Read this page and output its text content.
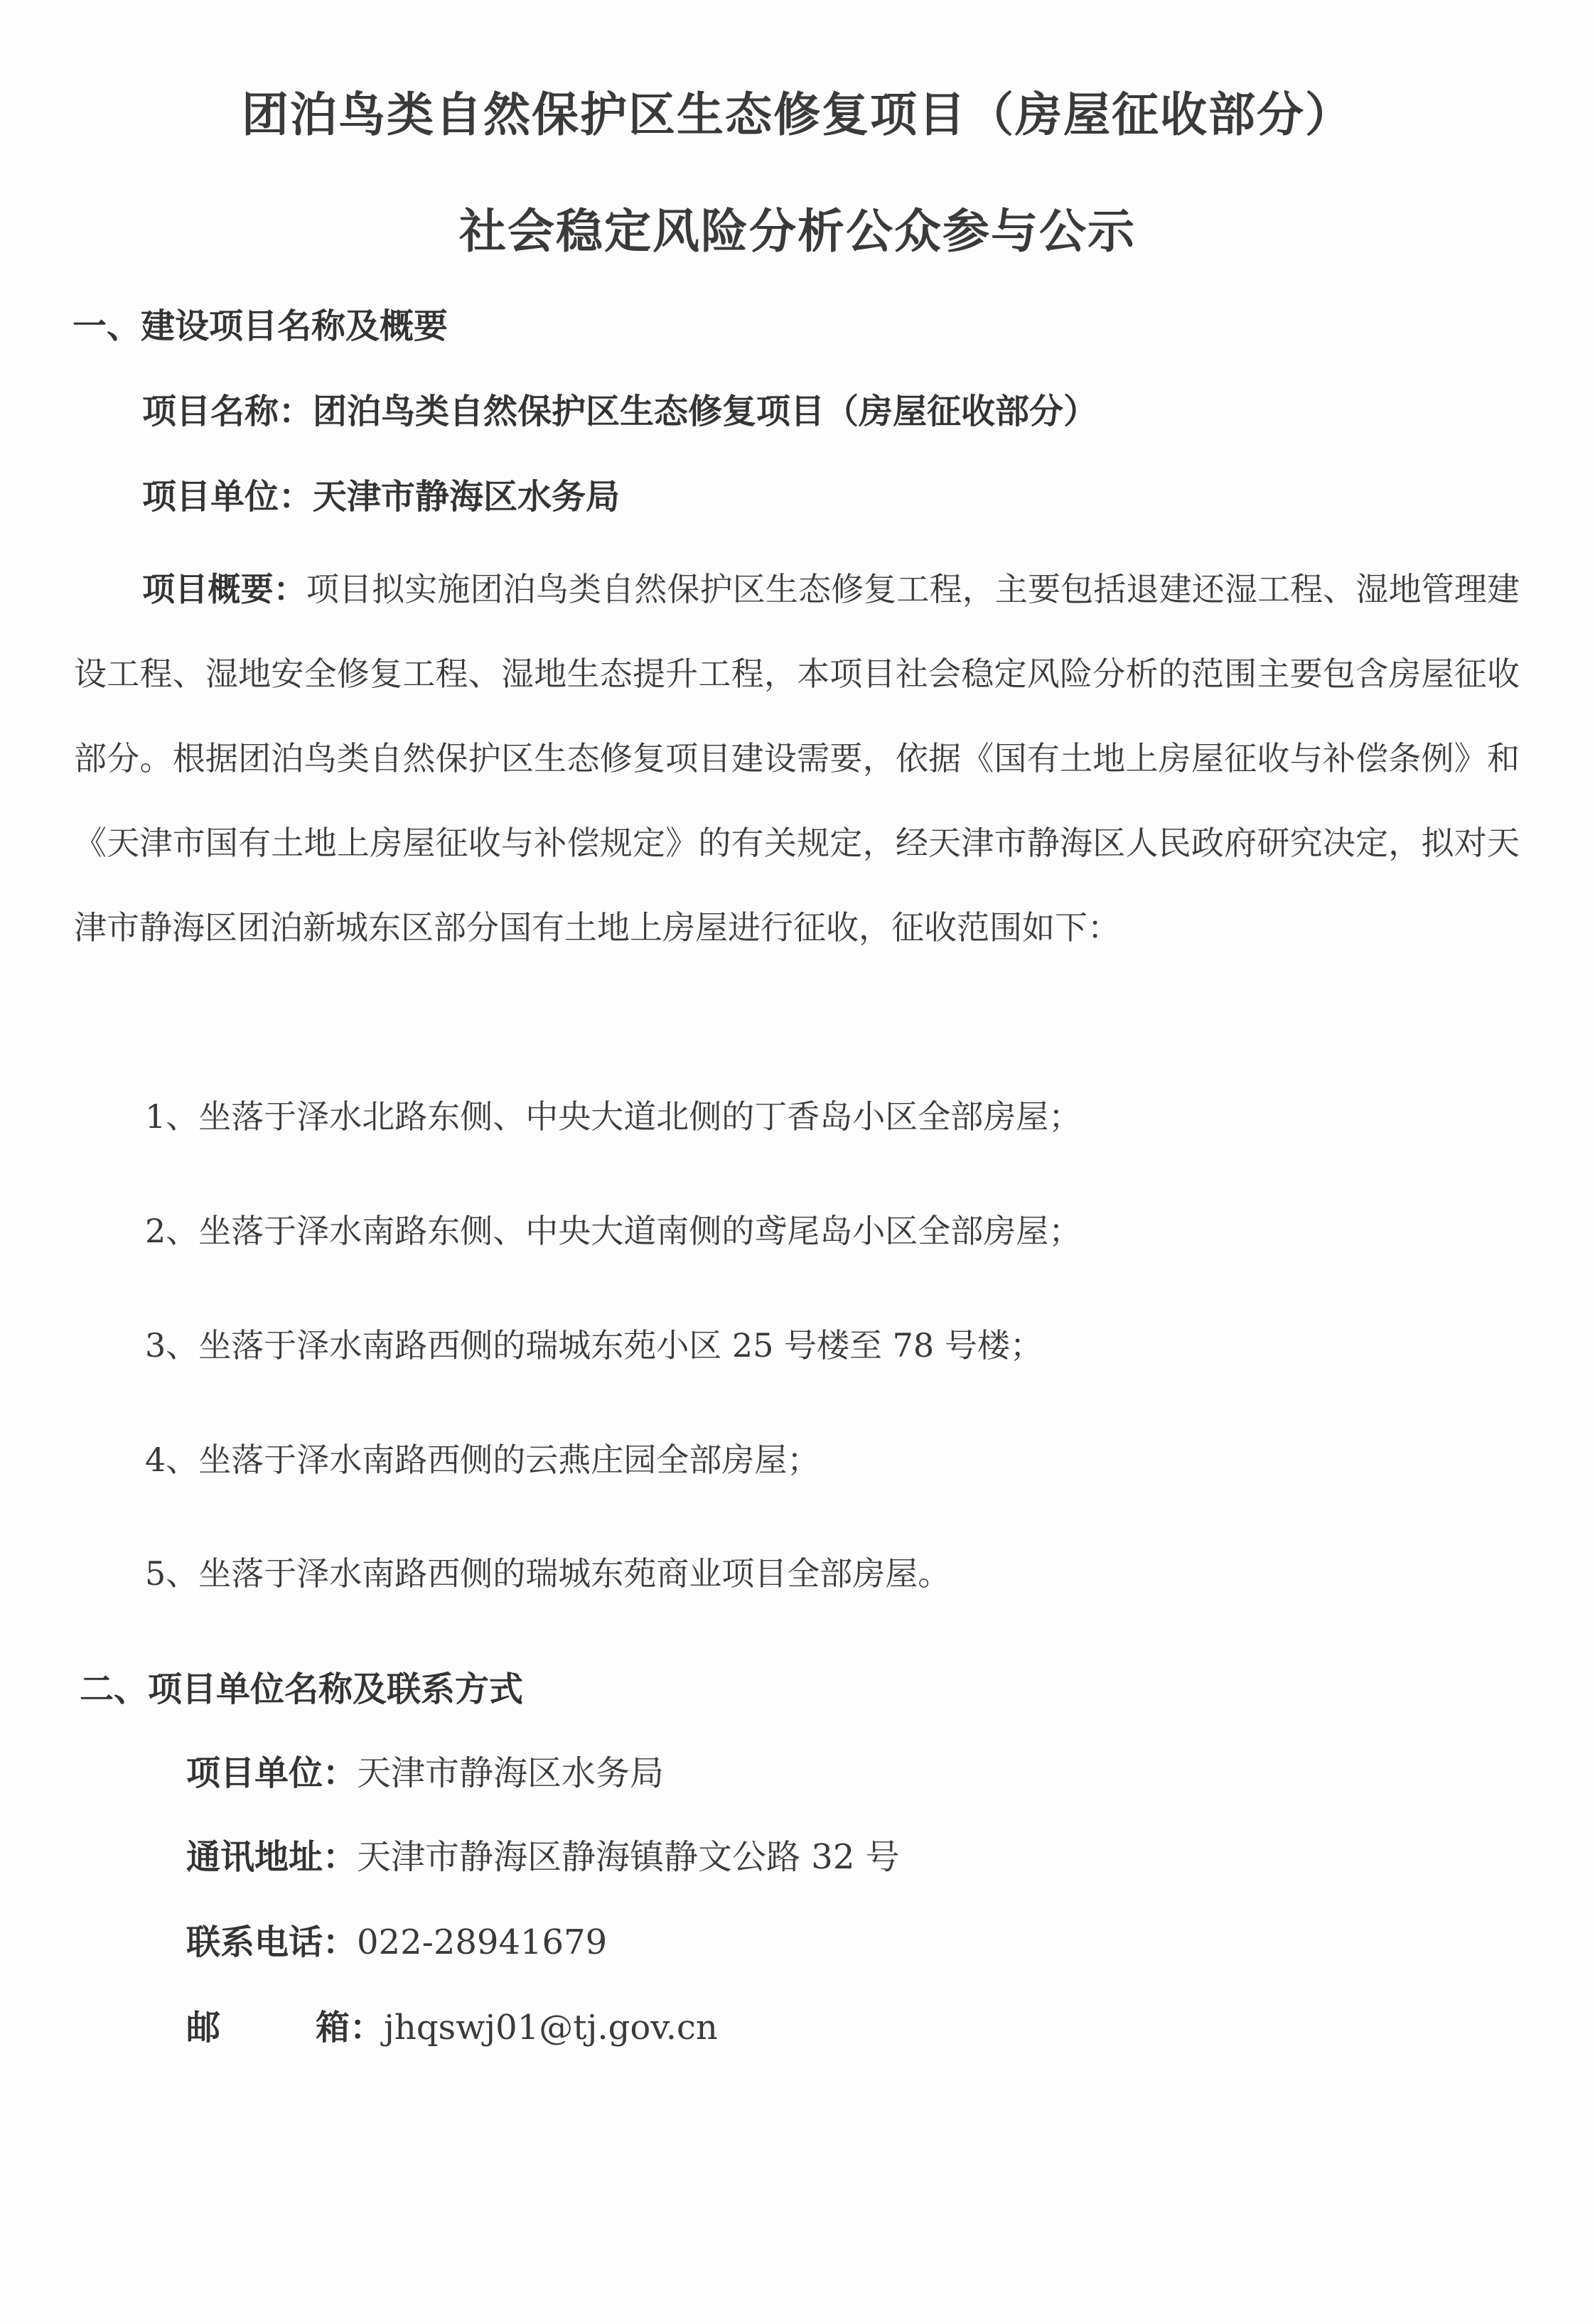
团泊鸟类自然保护区生态修复项目（房屋征收部分）
社会稳定风险分析公众参与公示
一、建设项目名称及概要
项目名称：团泊鸟类自然保护区生态修复项目（房屋征收部分）
项目单位：天津市静海区水务局
项目概要：项目拟实施团泊鸟类自然保护区生态修复工程，主要包括退建还湿工程、湿地管理建设工程、湿地安全修复工程、湿地生态提升工程，本项目社会稳定风险分析的范围主要包含房屋征收部分。根据团泊鸟类自然保护区生态修复项目建设需要，依据《国有土地上房屋征收与补偿条例》和《天津市国有土地上房屋征收与补偿规定》的有关规定，经天津市静海区人民政府研究决定，拟对天津市静海区团泊新城东区部分国有土地上房屋进行征收，征收范围如下：
1、坐落于泽水北路东侧、中央大道北侧的丁香岛小区全部房屋；
2、坐落于泽水南路东侧、中央大道南侧的鸢尾岛小区全部房屋；
3、坐落于泽水南路西侧的瑞城东苑小区 25 号楼至 78 号楼；
4、坐落于泽水南路西侧的云燕庄园全部房屋；
5、坐落于泽水南路西侧的瑞城东苑商业项目全部房屋。
二、项目单位名称及联系方式
项目单位：天津市静海区水务局
通讯地址：天津市静海区静海镇静文公路 32 号
联系电话：022-28941679
邮	箱：jhqswj01@tj.gov.cn
